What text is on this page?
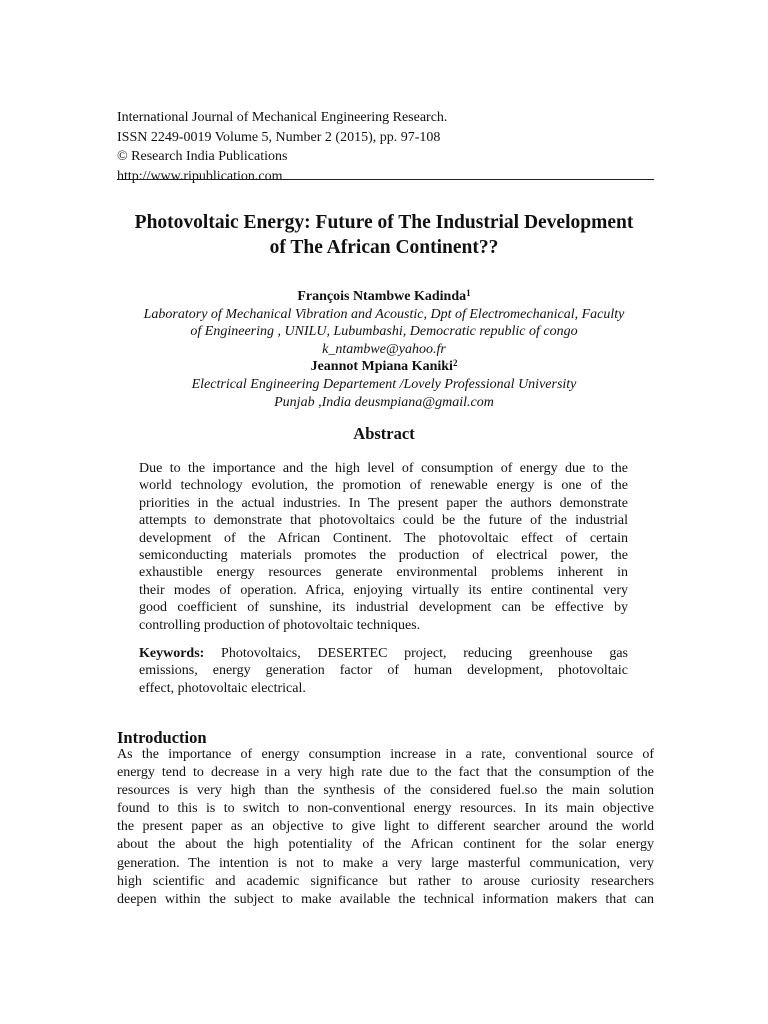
International Journal of Mechanical Engineering Research.
ISSN 2249-0019 Volume 5, Number 2 (2015), pp. 97-108
© Research India Publications
http://www.ripublication.com
Photovoltaic Energy: Future of The Industrial Development
of The African Continent??
François Ntambwe Kadinda$^1$
Laboratory of Mechanical Vibration and Acoustic, Dpt of Electromechanical, Faculty
of Engineering , UNILU, Lubumbashi, Democratic republic of congo
k_ntambwe@yahoo.fr
Jeannot Mpiana Kaniki$^2$
Electrical Engineering Departement /Lovely Professional University
Punjab ,India deusmpiana@gmail.com
Abstract
Due to the importance and the high level of consumption of energy due to the
world technology evolution, the promotion of renewable energy is one of the
priorities in the actual industries. In The present paper the authors demonstrate
attempts to demonstrate that photovoltaics could be the future of the industrial
development of the African Continent. The photovoltaic effect of certain
semiconducting materials promotes the production of electrical power, the
exhaustible energy resources generate environmental problems inherent in
their modes of operation. Africa, enjoying virtually its entire continental very
good coefficient of sunshine, its industrial development can be effective by
controlling production of photovoltaic techniques.
Keywords: Photovoltaics, DESERTEC project, reducing greenhouse gas
emissions, energy generation factor of human development, photovoltaic
effect, photovoltaic electrical.
Introduction
As the importance of energy consumption increase in a rate, conventional source of
energy tend to decrease in a very high rate due to the fact that the consumption of the
resources is very high than the synthesis of the considered fuel.so the main solution
found to this is to switch to non-conventional energy resources. In its main objective
the present paper as an objective to give light to different searcher around the world
about the about the high potentiality of the African continent for the solar energy
generation. The intention is not to make a very large masterful communication, very
high scientific and academic significance but rather to arouse curiosity researchers
deepen within the subject to make available the technical information makers that can
